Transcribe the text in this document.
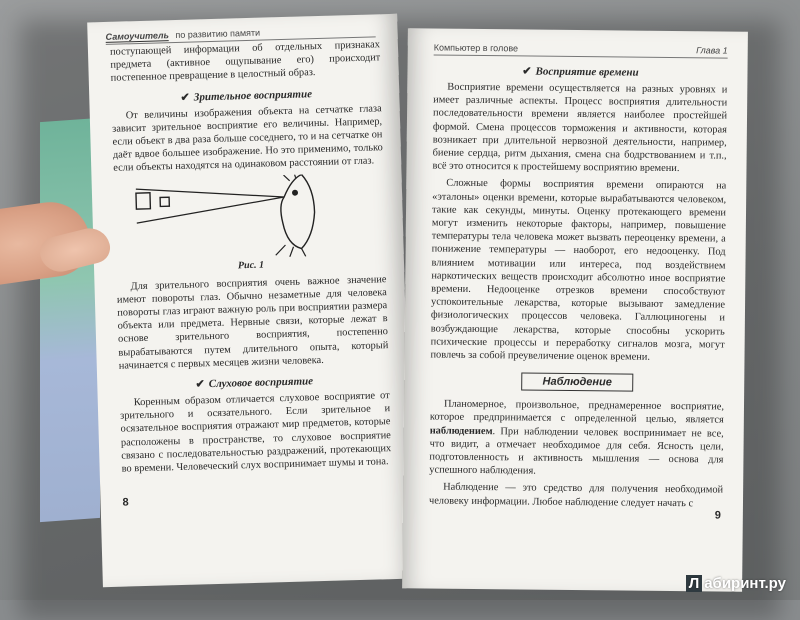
Самоучитель по развитию памяти

поступающей информации об отдельных признаках предмета (активное ощупывание его) происходит постепенное превращение в целостный образ.

✔ Зрительное восприятие

От величины изображения объекта на сетчатке глаза зависит зрительное восприятие его величины. Например, если объект в два раза больше соседнего, то и на сетчатке он даёт вдвое большее изображение. Но это применимо, только если объекты находятся на одинаковом расстоянии от глаз.

Рис. 1

Для зрительного восприятия очень важное значение имеют повороты глаз. Обычно незаметные для человека повороты глаз играют важную роль при восприятии размера объекта или предмета. Нервные связи, которые лежат в основе зрительного восприятия, постепенно вырабатываются путем длительного опыта, который начинается с первых месяцев жизни человека.

✔ Слуховое восприятие

Коренным образом отличается слуховое восприятие от зрительного и осязательного. Если зрительное и осязательное восприятия отражают мир предметов, которые расположены в пространстве, то слуховое восприятие связано с последовательностью раздражений, протекающих во времени. Человеческий слух воспринимает шумы и тона.

8
Компьютер в голове	Глава 1
✔ Восприятие времени

Восприятие времени осуществляется на разных уровнях и имеет различные аспекты. Процесс восприятия длительности последовательности времени является наиболее простейшей формой. Смена процессов торможения и активности, которая возникает при длительной нервозной деятельности, например, биение сердца, ритм дыхания, смена сна бодрствованием и т.п., всё это относится к простейшему восприятию времени.

Сложные формы восприятия времени опираются на «эталоны» оценки времени, которые вырабатываются человеком, такие как секунды, минуты. Оценку протекающего времени могут изменить некоторые факторы, например, повышение температуры тела человека может вызвать переоценку времени, а понижение температуры — наоборот, его недооценку. Под влиянием мотивации или интереса, под воздействием наркотических веществ происходит абсолютно иное восприятие времени. Недооценке отрезков времени способствуют успокоительные лекарства, которые вызывают замедление физиологических процессов человека. Галлюциногены и возбуждающие лекарства, которые способны ускорить психические процессы и переработку сигналов мозга, могут повлечь за собой преувеличение оценок времени.

Наблюдение

Планомерное, произвольное, преднамеренное восприятие, которое предпринимается с определенной целью, является наблюдением. При наблюдении человек воспринимает не все, что видит, а отмечает необходимое для себя. Ясность цели, подготовленность и активность мышления — основа для успешного наблюдения.

Наблюдение — это средство для получения необходимой человеку информации. Любое наблюдение следует начать с

9
Л абиринт.ру
